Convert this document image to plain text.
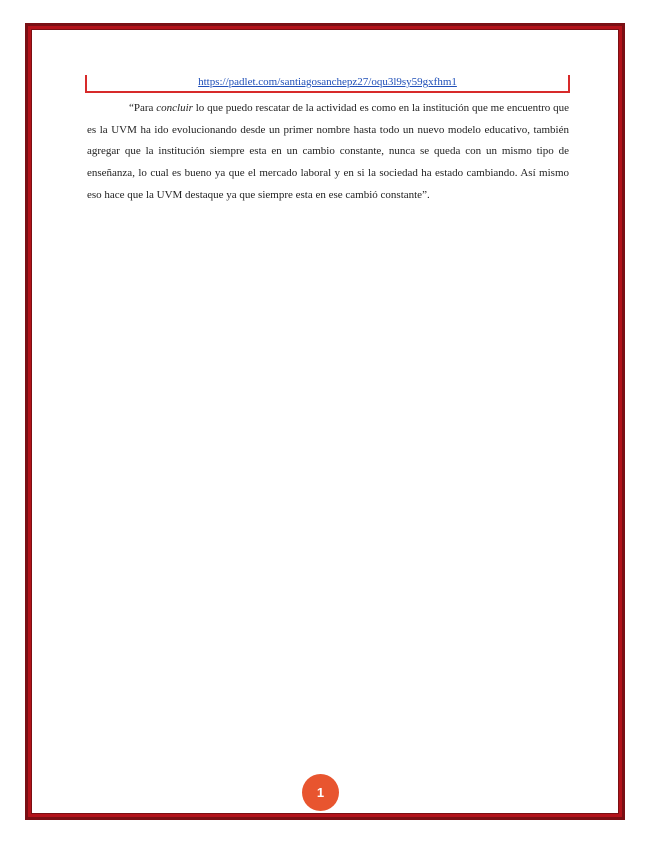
https://padlet.com/santiagosanchepz27/oqu3l9sy59gxfhm1

“Para concluir lo que puedo rescatar de la actividad es como en la institución que me encuentro que es la UVM ha ido evolucionando desde un primer nombre hasta todo un nuevo modelo educativo, también agregar que la institución siempre esta en un cambio constante, nunca se queda con un mismo tipo de enseñanza, lo cual es bueno ya que el mercado laboral y en si la sociedad ha estado cambiando. Así mismo eso hace que la UVM destaque ya que siempre esta en ese cambió constante”.

1
